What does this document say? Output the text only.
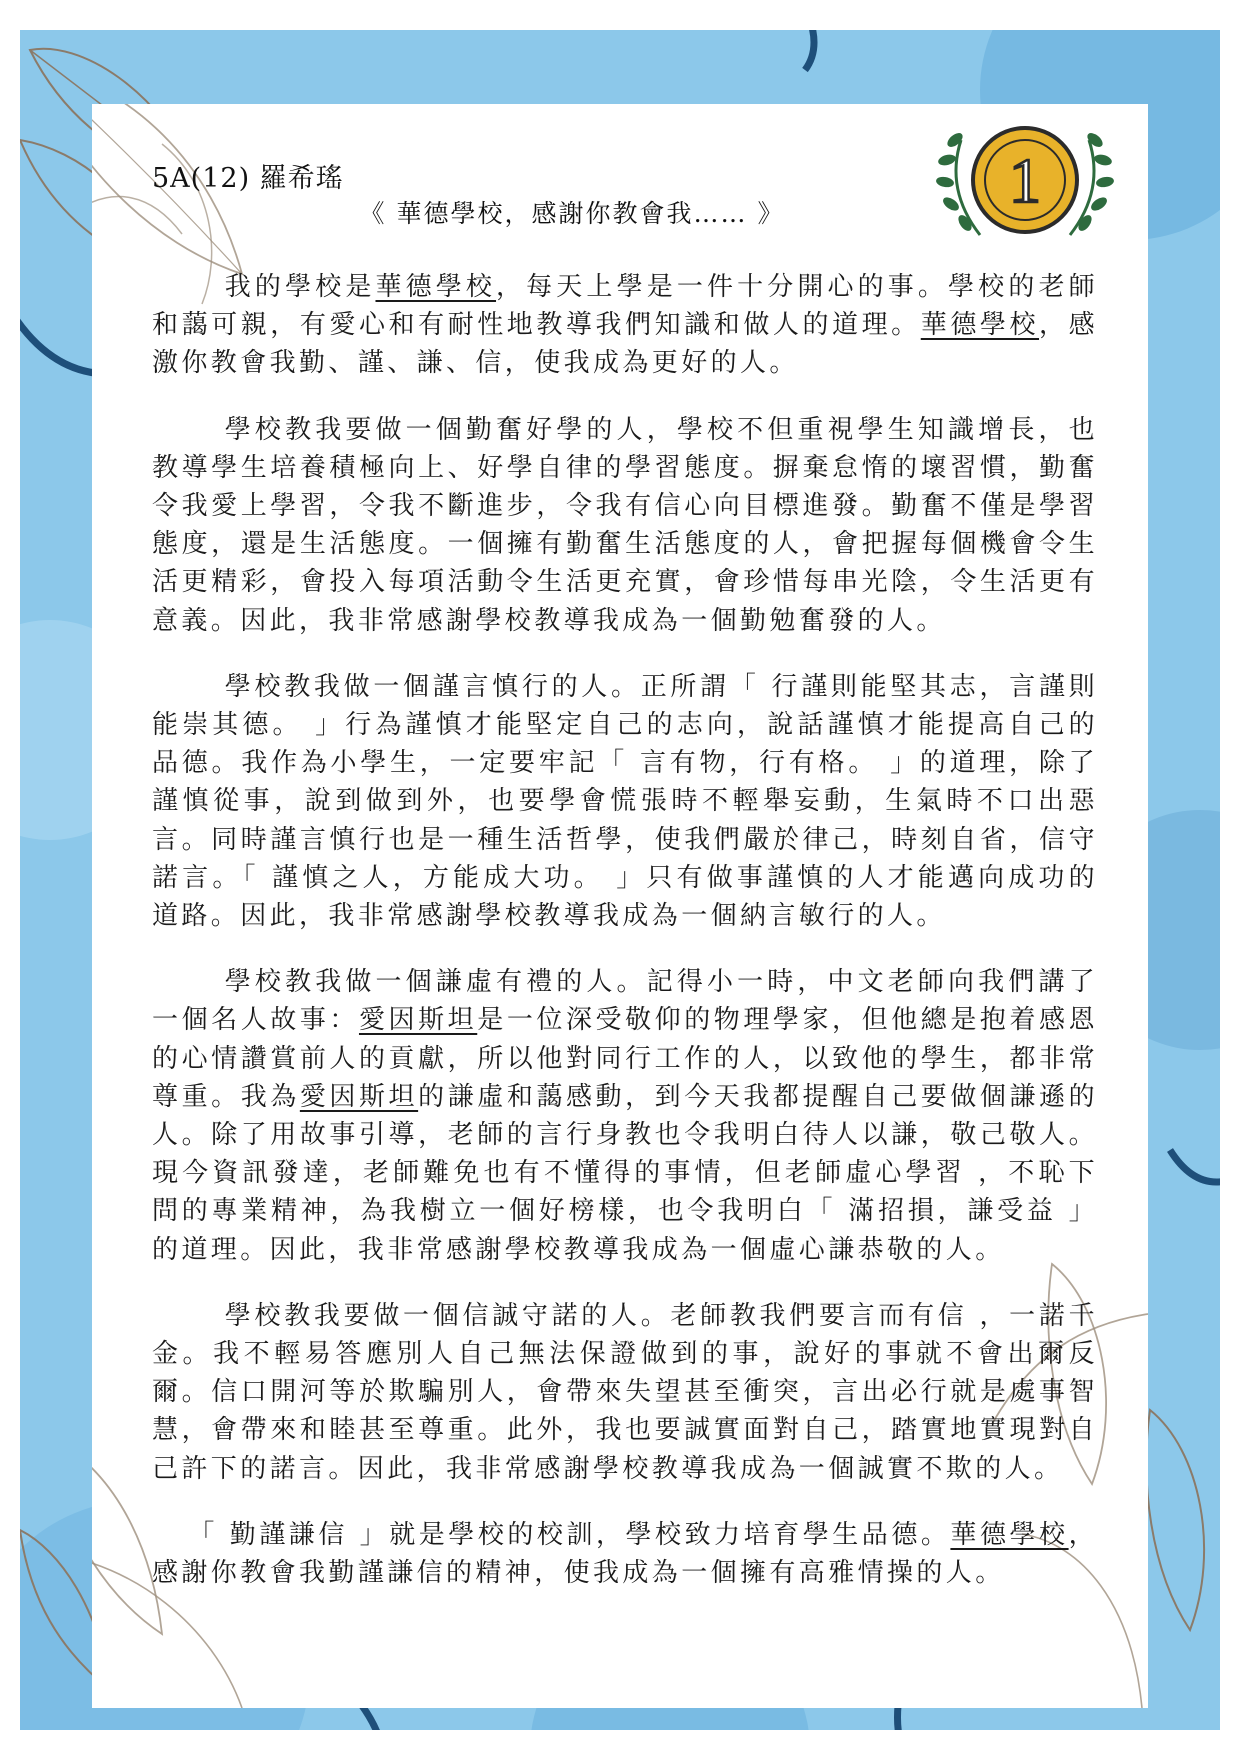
1
5A(12) 羅希瑤
《 華德學校，感謝你教會我…… 》

我的學校是華德學校，每天上學是一件十分開心的事。學校的老師和藹可親，有愛心和有耐性地教導我們知識和做人的道理。華德學校，感激你教會我勤、謹、謙、信，使我成為更好的人。

學校教我要做一個勤奮好學的人，學校不但重視學生知識增長，也教導學生培養積極向上、好學自律的學習態度。摒棄怠惰的壞習慣，勤奮令我愛上學習，令我不斷進步，令我有信心向目標進發。勤奮不僅是學習態度，還是生活態度。一個擁有勤奮生活態度的人，會把握每個機會令生活更精彩，會投入每項活動令生活更充實，會珍惜每串光陰，令生活更有意義。因此，我非常感謝學校教導我成為一個勤勉奮發的人。

學校教我做一個謹言慎行的人。正所謂「 行謹則能堅其志，言謹則能崇其德。 」行為謹慎才能堅定自己的志向，說話謹慎才能提高自己的品德。我作為小學生，一定要牢記「 言有物，行有格。 」的道理，除了謹慎從事，說到做到外，也要學會慌張時不輕舉妄動，生氣時不口出惡言。同時謹言慎行也是一種生活哲學，使我們嚴於律己，時刻自省，信守諾言。「 謹慎之人，方能成大功。 」只有做事謹慎的人才能邁向成功的道路。因此，我非常感謝學校教導我成為一個納言敏行的人。

學校教我做一個謙虛有禮的人。記得小一時，中文老師向我們講了一個名人故事：愛因斯坦是一位深受敬仰的物理學家，但他總是抱着感恩的心情讚賞前人的貢獻，所以他對同行工作的人，以致他的學生，都非常尊重。我為愛因斯坦的謙虛和藹感動，到今天我都提醒自己要做個謙遜的人。除了用故事引導，老師的言行身教也令我明白待人以謙，敬己敬人。現今資訊發達，老師難免也有不懂得的事情，但老師虛心學習 ，不恥下問的專業精神，為我樹立一個好榜樣，也令我明白「 滿招損，謙受益 」的道理。因此，我非常感謝學校教導我成為一個虛心謙恭敬的人。

學校教我要做一個信誠守諾的人。老師教我們要言而有信 ，一諾千金。我不輕易答應別人自己無法保證做到的事，說好的事就不會出爾反爾。信口開河等於欺騙別人，會帶來失望甚至衝突，言出必行就是處事智慧，會帶來和睦甚至尊重。此外，我也要誠實面對自己，踏實地實現對自己許下的諾言。因此，我非常感謝學校教導我成為一個誠實不欺的人。

「 勤謹謙信 」就是學校的校訓，學校致力培育學生品德。華德學校，感謝你教會我勤謹謙信的精神，使我成為一個擁有高雅情操的人。
